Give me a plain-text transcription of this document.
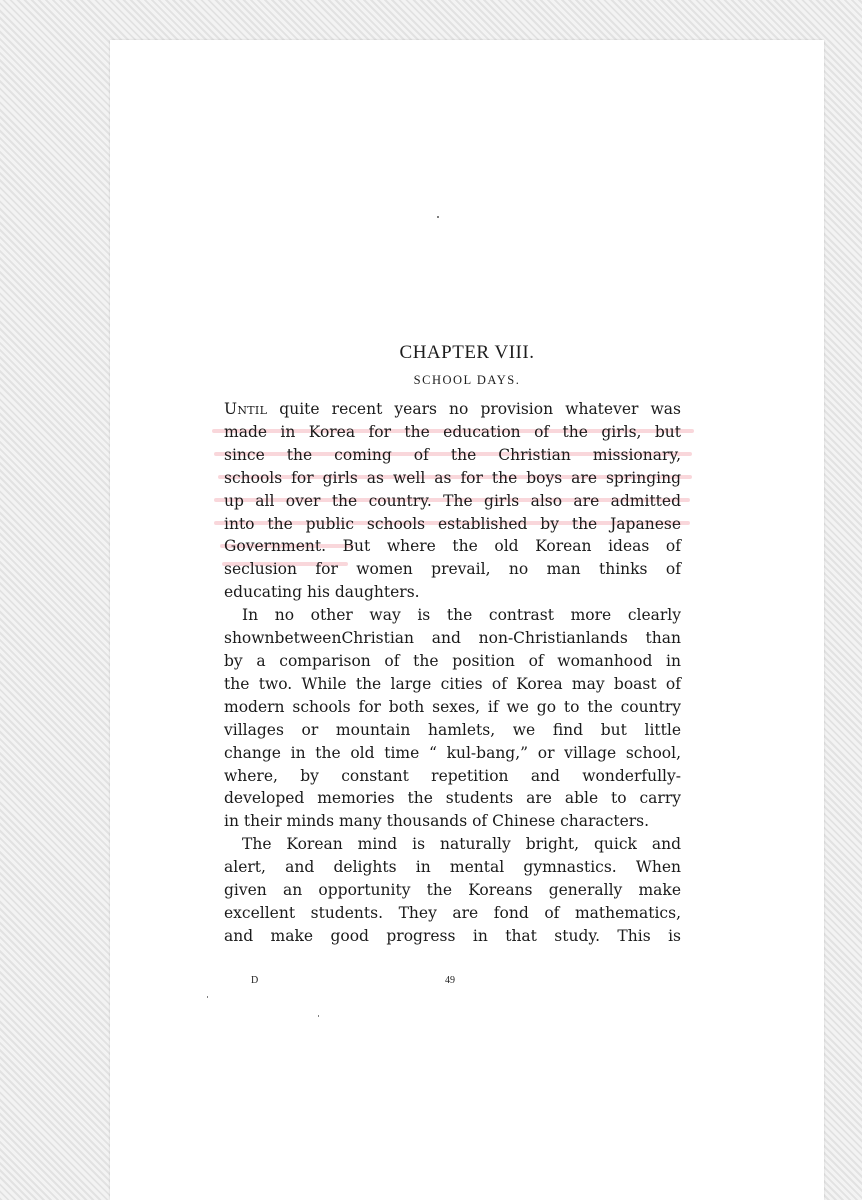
CHAPTER VIII.
SCHOOL DAYS.

Until quite recent years no provision whatever was
made in Korea for the education of the girls, but
since the coming of the Christian missionary,
schools for girls as well as for the boys are springing
up all over the country. The girls also are admitted
into the public schools established by the Japanese
Government. But where the old Korean ideas of
seclusion for women prevail, no man thinks of
educating his daughters.

In no other way is the contrast more clearly
shownbetweenChristian and non-Christianlands than
by a comparison of the position of womanhood in
the two. While the large cities of Korea may boast of
modern schools for both sexes, if we go to the country
villages or mountain hamlets, we find but little
change in the old time “ kul-bang,” or village school,
where, by constant repetition and wonderfully-
developed memories the students are able to carry
in their minds many thousands of Chinese characters.

The Korean mind is naturally bright, quick and
alert, and delights in mental gymnastics. When
given an opportunity the Koreans generally make
excellent students. They are fond of mathematics,
and make good progress in that study. This is

D	49
